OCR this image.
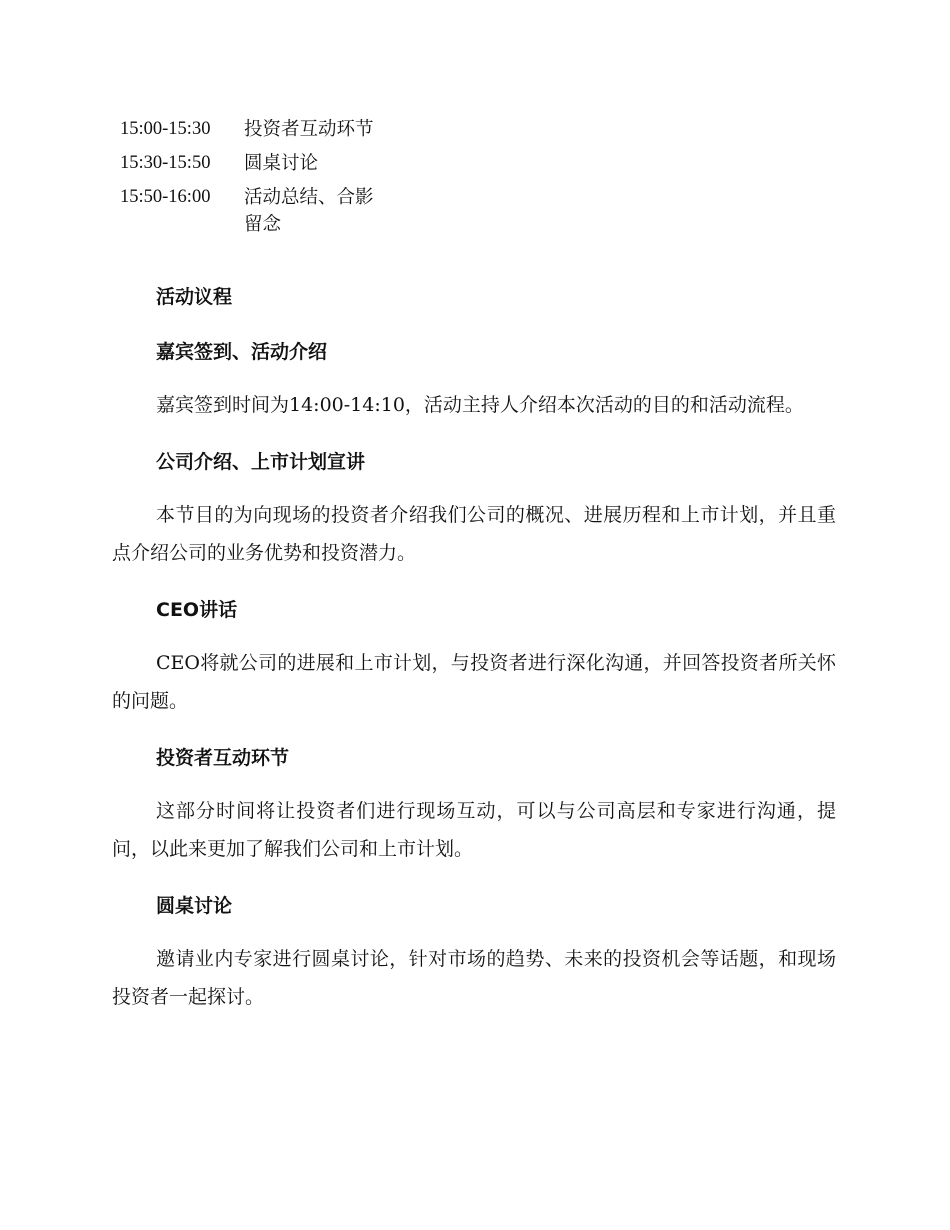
15:00-15:30	投资者互动环节
15:30-15:50	圆桌讨论
15:50-16:00	活动总结、合影留念
活动议程
嘉宾签到、活动介绍

嘉宾签到时间为14:00-14:10，活动主持人介绍本次活动的目的和活动流程。

公司介绍、上市计划宣讲

本节目的为向现场的投资者介绍我们公司的概况、进展历程和上市计划，并且重点介绍公司的业务优势和投资潜力。

CEO讲话

CEO将就公司的进展和上市计划，与投资者进行深化沟通，并回答投资者所关怀的问题。

投资者互动环节

这部分时间将让投资者们进行现场互动，可以与公司高层和专家进行沟通，提问，以此来更加了解我们公司和上市计划。

圆桌讨论

邀请业内专家进行圆桌讨论，针对市场的趋势、未来的投资机会等话题，和现场投资者一起探讨。
